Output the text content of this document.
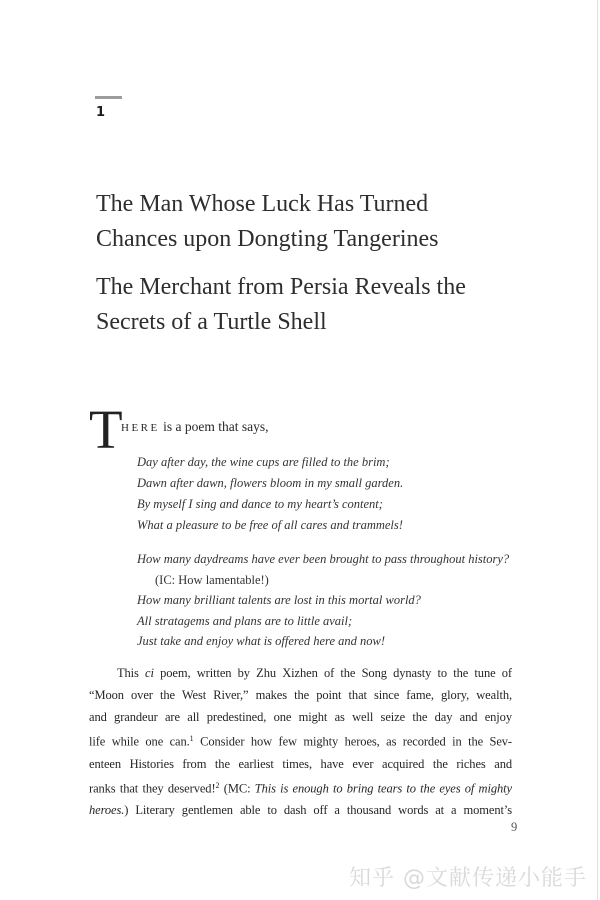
1
The Man Whose Luck Has Turned
Chances upon Dongting Tangerines
The Merchant from Persia Reveals the
Secrets of a Turtle Shell
T
HERE is a poem that says,
Day after day, the wine cups are filled to the brim;
Dawn after dawn, flowers bloom in my small garden.
By myself I sing and dance to my heart’s content;
What a pleasure to be free of all cares and trammels!
How many daydreams have ever been brought to pass throughout history?
(IC: How lamentable!)
How many brilliant talents are lost in this mortal world?
All stratagems and plans are to little avail;
Just take and enjoy what is offered here and now!
This ci poem, written by Zhu Xizhen of the Song dynasty to the tune of
“Moon over the West River,” makes the point that since fame, glory, wealth,
and grandeur are all predestined, one might as well seize the day and enjoy
life while one can.$^1$ Consider how few mighty heroes, as recorded in the Sev-
enteen Histories from the earliest times, have ever acquired the riches and
ranks that they deserved!$^2$ (MC: This is enough to bring tears to the eyes of mighty
heroes.) Literary gentlemen able to dash off a thousand words at a moment’s
9
知乎 @文献传递小能手
